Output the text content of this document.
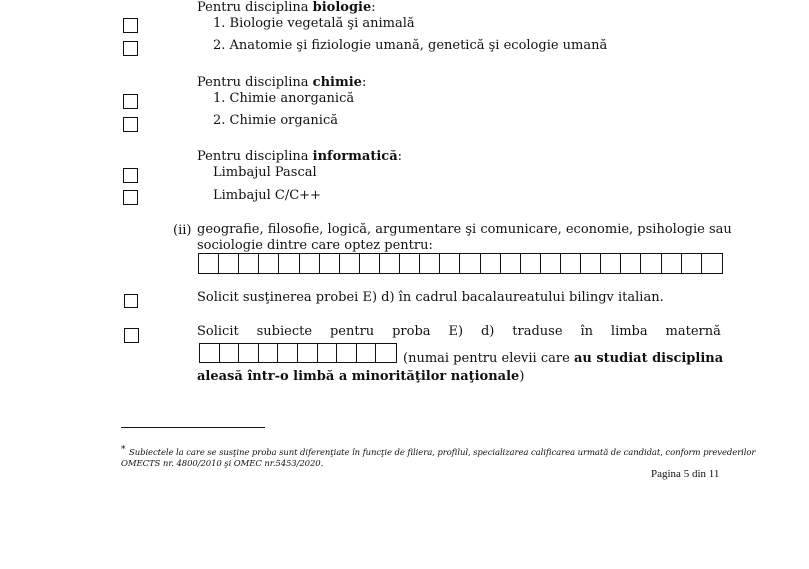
Pentru disciplina biologie:
1. Biologie vegetală şi animală
2. Anatomie şi fiziologie umană, genetică şi ecologie umană
Pentru disciplina chimie:
1. Chimie anorganică
2. Chimie organică
Pentru disciplina informatică:
Limbajul Pascal
Limbajul C/C++
(ii) geografie, filosofie, logică, argumentare şi comunicare, economie, psihologie sau
sociologie dintre care optez pentru:
Solicit susţinerea probei E) d) în cadrul bacalaureatului bilingv italian.
Solicit subiecte pentru proba E) d) traduse în limba maternă
(numai pentru elevii care au studiat disciplina
aleasă într-o limbă a minorităţilor naţionale)
* Subiectele la care se susţine proba sunt diferenţiate în funcţie de filiera, profilul, specializarea calificarea urmată de candidat, conform prevederilor
OMECTS nr. 4800/2010 şi OMEC nr.5453/2020.
Pagina 5 din 11
